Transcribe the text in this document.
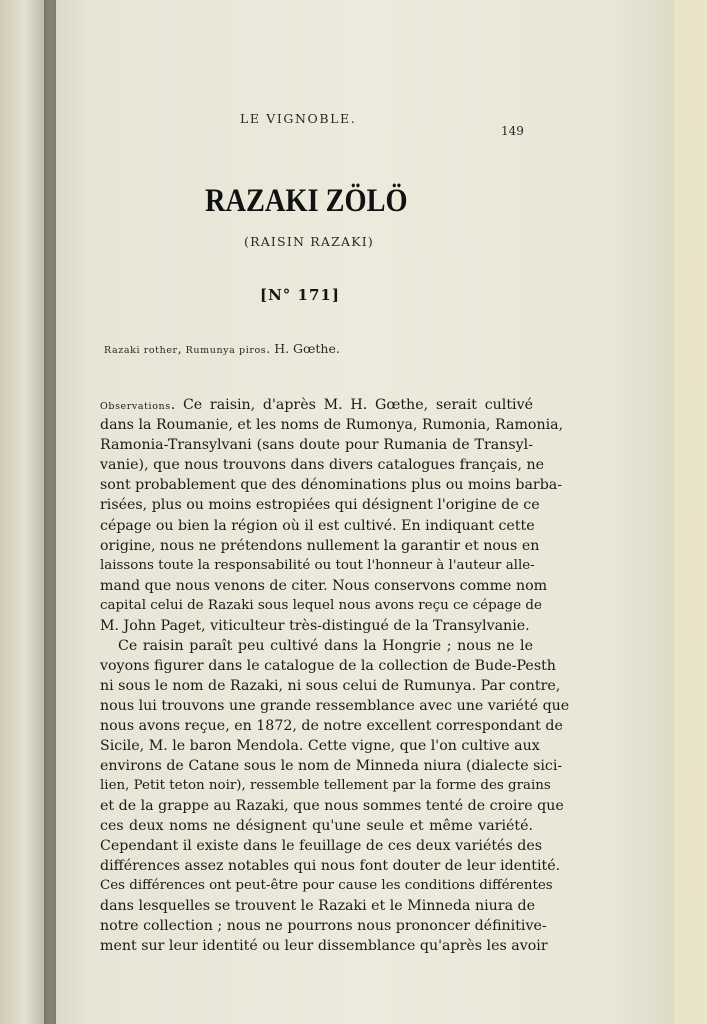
LE VIGNOBLE.
149
RAZAKI ZÖLÖ
(RAISIN RAZAKI)
[N° 171]
Razaki rother, Rumunya piros. H. Gœthe.
Observations. Ce raisin, d'après M. H. Gœthe, serait cultivé
dans la Roumanie, et les noms de Rumonya, Rumonia, Ramonia,
Ramonia-Transylvani (sans doute pour Rumania de Transyl-
vanie), que nous trouvons dans divers catalogues français, ne
sont probablement que des dénominations plus ou moins barba-
risées, plus ou moins estropiées qui désignent l'origine de ce
cépage ou bien la région où il est cultivé. En indiquant cette
origine, nous ne prétendons nullement la garantir et nous en
laissons toute la responsabilité ou tout l'honneur à l'auteur alle-
mand que nous venons de citer. Nous conservons comme nom
capital celui de Razaki sous lequel nous avons reçu ce cépage de
M. John Paget, viticulteur très-distingué de la Transylvanie.
Ce raisin paraît peu cultivé dans la Hongrie ; nous ne le
voyons figurer dans le catalogue de la collection de Bude-Pesth
ni sous le nom de Razaki, ni sous celui de Rumunya. Par contre,
nous lui trouvons une grande ressemblance avec une variété que
nous avons reçue, en 1872, de notre excellent correspondant de
Sicile, M. le baron Mendola. Cette vigne, que l'on cultive aux
environs de Catane sous le nom de Minneda niura (dialecte sici-
lien, Petit teton noir), ressemble tellement par la forme des grains
et de la grappe au Razaki, que nous sommes tenté de croire que
ces deux noms ne désignent qu'une seule et même variété.
Cependant il existe dans le feuillage de ces deux variétés des
différences assez notables qui nous font douter de leur identité.
Ces différences ont peut-être pour cause les conditions différentes
dans lesquelles se trouvent le Razaki et le Minneda niura de
notre collection ; nous ne pourrons nous prononcer définitive-
ment sur leur identité ou leur dissemblance qu'après les avoir
